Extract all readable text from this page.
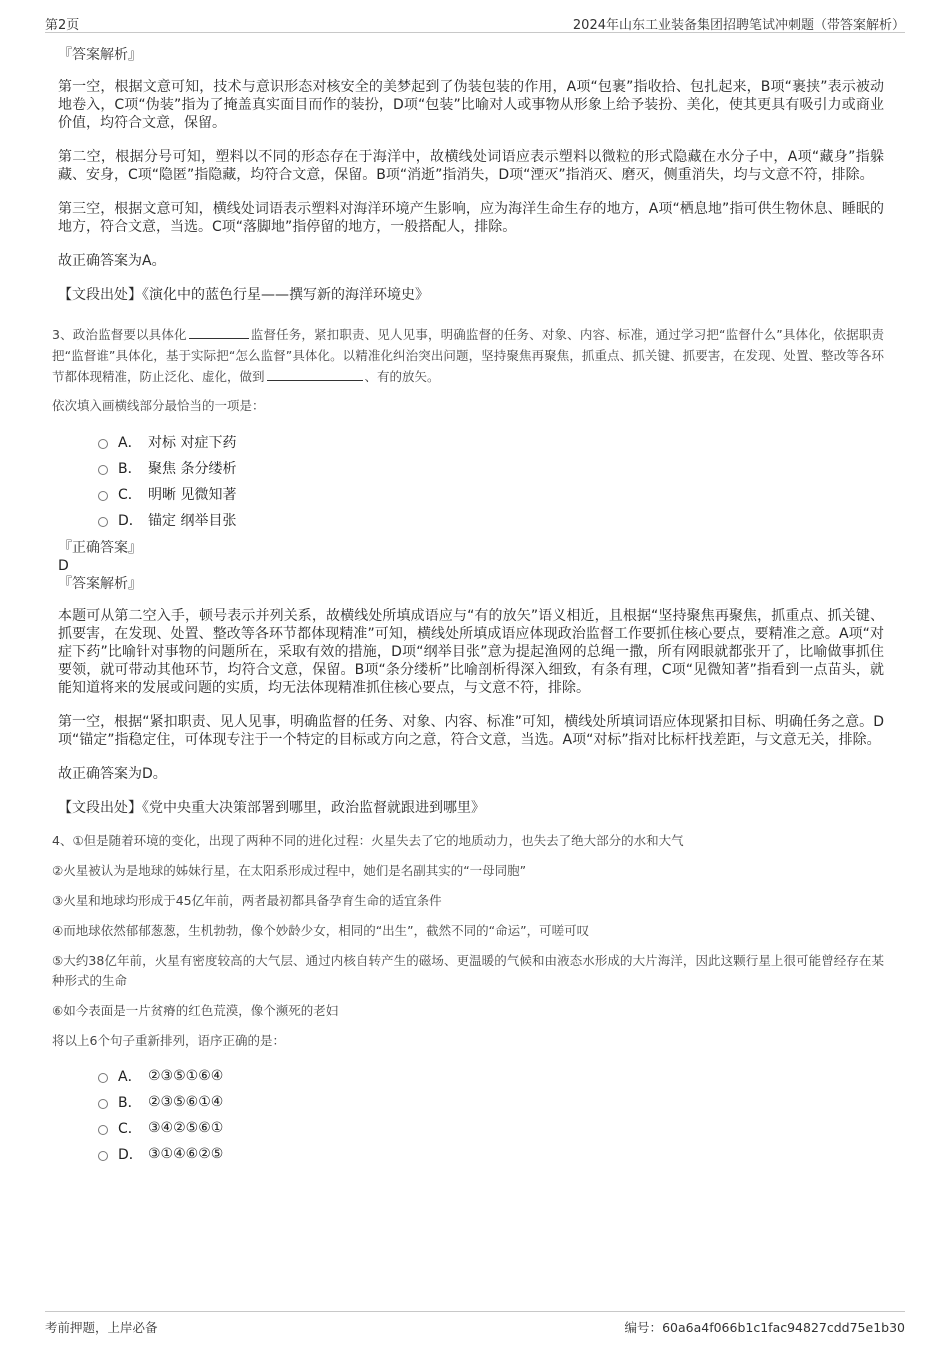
第2页	2024年山东工业装备集团招聘笔试冲刺题（带答案解析）
『答案解析』

第一空，根据文意可知，技术与意识形态对核安全的美梦起到了伪装包装的作用，A项“包裹”指收拾、包扎起来，B项“裹挟”表示被动地卷入，C项“伪装”指为了掩盖真实面目而作的装扮，D项“包装”比喻对人或事物从形象上给予装扮、美化，使其更具有吸引力或商业价值，均符合文意，保留。

第二空，根据分号可知，塑料以不同的形态存在于海洋中，故横线处词语应表示塑料以微粒的形式隐藏在水分子中，A项“藏身”指躲藏、安身，C项“隐匿”指隐藏，均符合文意，保留。B项“消逝”指消失，D项“湮灭”指消灭、磨灭，侧重消失，均与文意不符，排除。

第三空，根据文意可知，横线处词语表示塑料对海洋环境产生影响，应为海洋生命生存的地方，A项“栖息地”指可供生物休息、睡眠的地方，符合文意，当选。C项“落脚地”指停留的地方，一般搭配人，排除。

故正确答案为A。

【文段出处】《演化中的蓝色行星——撰写新的海洋环境史》

3、政治监督要以具体化	监督任务，紧扣职责、见人见事，明确监督的任务、对象、内容、标准，通过学习把“监督什么”具体化，依据职责把“监督谁”具体化，基于实际把“怎么监督”具体化。以精准化纠治突出问题，坚持聚焦再聚焦，抓重点、抓关键、抓要害，在发现、处置、整改等各环节都体现精准，防止泛化、虚化，做到	、有的放矢。

依次填入画横线部分最恰当的一项是：

A． 对标 对症下药
B． 聚焦 条分缕析
C． 明晰 见微知著
D． 锚定 纲举目张
『正确答案』
D
『答案解析』

本题可从第二空入手，顿号表示并列关系，故横线处所填成语应与“有的放矢”语义相近，且根据“坚持聚焦再聚焦，抓重点、抓关键、抓要害，在发现、处置、整改等各环节都体现精准”可知，横线处所填成语应体现政治监督工作要抓住核心要点，要精准之意。A项“对症下药”比喻针对事物的问题所在，采取有效的措施，D项“纲举目张”意为提起渔网的总绳一撒，所有网眼就都张开了，比喻做事抓住要领，就可带动其他环节，均符合文意，保留。B项“条分缕析”比喻剖析得深入细致，有条有理，C项“见微知著”指看到一点苗头，就能知道将来的发展或问题的实质，均无法体现精准抓住核心要点，与文意不符，排除。

第一空，根据“紧扣职责、见人见事，明确监督的任务、对象、内容、标准”可知，横线处所填词语应体现紧扣目标、明确任务之意。D项“锚定”指稳定住，可体现专注于一个特定的目标或方向之意，符合文意，当选。A项“对标”指对比标杆找差距，与文意无关，排除。

故正确答案为D。

【文段出处】《党中央重大决策部署到哪里，政治监督就跟进到哪里》

4、①但是随着环境的变化，出现了两种不同的进化过程：火星失去了它的地质动力，也失去了绝大部分的水和大气

②火星被认为是地球的姊妹行星，在太阳系形成过程中，她们是名副其实的“一母同胞”

③火星和地球均形成于45亿年前，两者最初都具备孕育生命的适宜条件

④而地球依然郁郁葱葱，生机勃勃，像个妙龄少女，相同的“出生”，截然不同的“命运”，可嗟可叹

⑤大约38亿年前，火星有密度较高的大气层、通过内核自转产生的磁场、更温暖的气候和由液态水形成的大片海洋，因此这颗行星上很可能曾经存在某种形式的生命

⑥如今表面是一片贫瘠的红色荒漠，像个濒死的老妇

将以上6个句子重新排列，语序正确的是：

A． ②③⑤①⑥④
B． ②③⑤⑥①④
C． ③④②⑤⑥①
D． ③①④⑥②⑤
考前押题，上岸必备	编号：60a6a4f066b1c1fac94827cdd75e1b30
